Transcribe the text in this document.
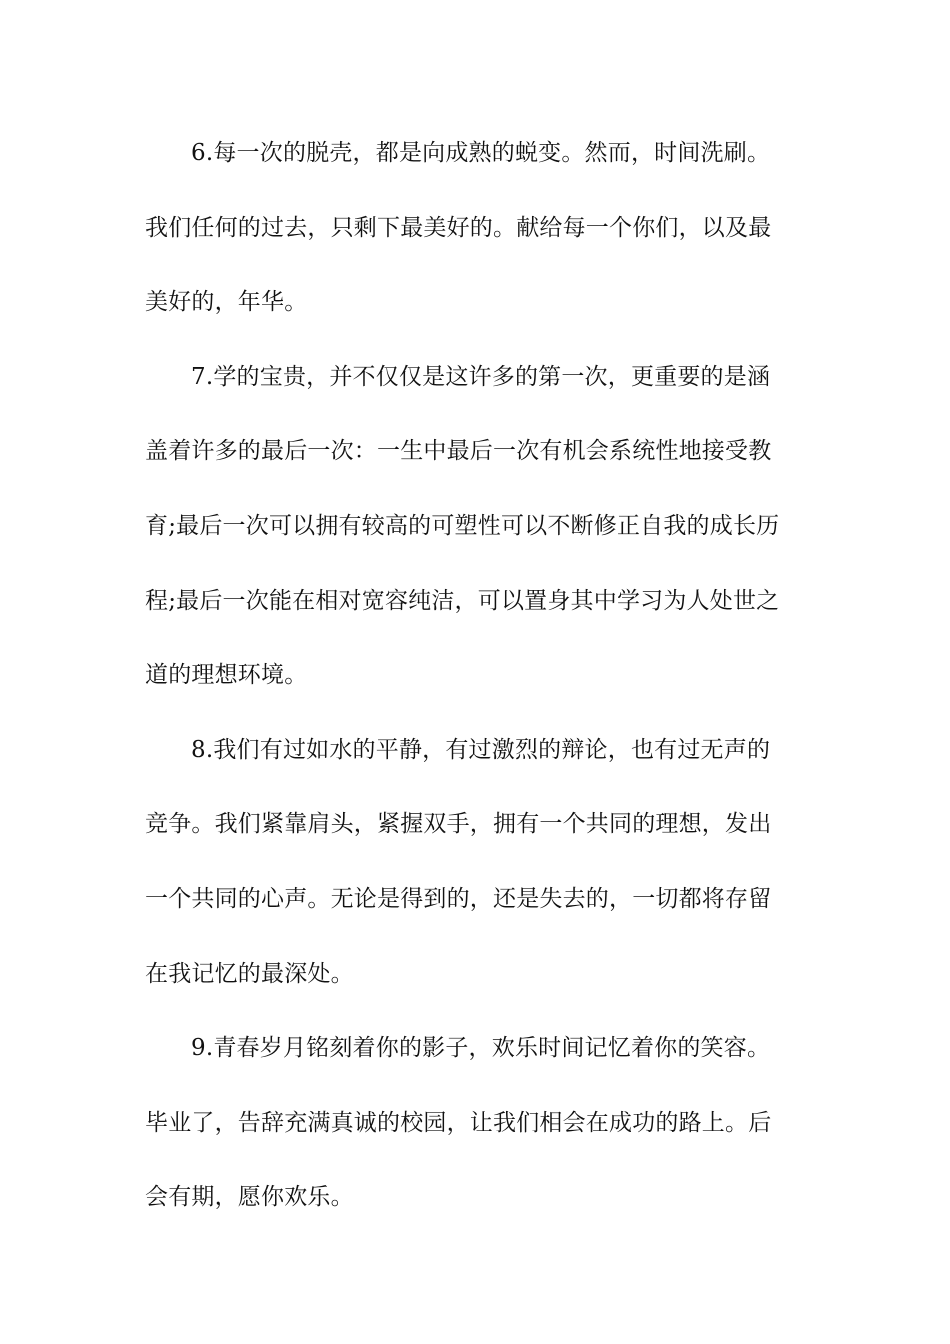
6.每一次的脱壳，都是向成熟的蜕变。然而，时间洗刷。
我们任何的过去，只剩下最美好的。献给每一个你们，以及最
美好的，年华。
7.学的宝贵，并不仅仅是这许多的第一次，更重要的是涵
盖着许多的最后一次：一生中最后一次有机会系统性地接受教
育;最后一次可以拥有较高的可塑性可以不断修正自我的成长历
程;最后一次能在相对宽容纯洁，可以置身其中学习为人处世之
道的理想环境。
8.我们有过如水的平静，有过激烈的辩论，也有过无声的
竞争。我们紧靠肩头，紧握双手，拥有一个共同的理想，发出
一个共同的心声。无论是得到的，还是失去的，一切都将存留
在我记忆的最深处。
9.青春岁月铭刻着你的影子，欢乐时间记忆着你的笑容。
毕业了，告辞充满真诚的校园，让我们相会在成功的路上。后
会有期，愿你欢乐。
